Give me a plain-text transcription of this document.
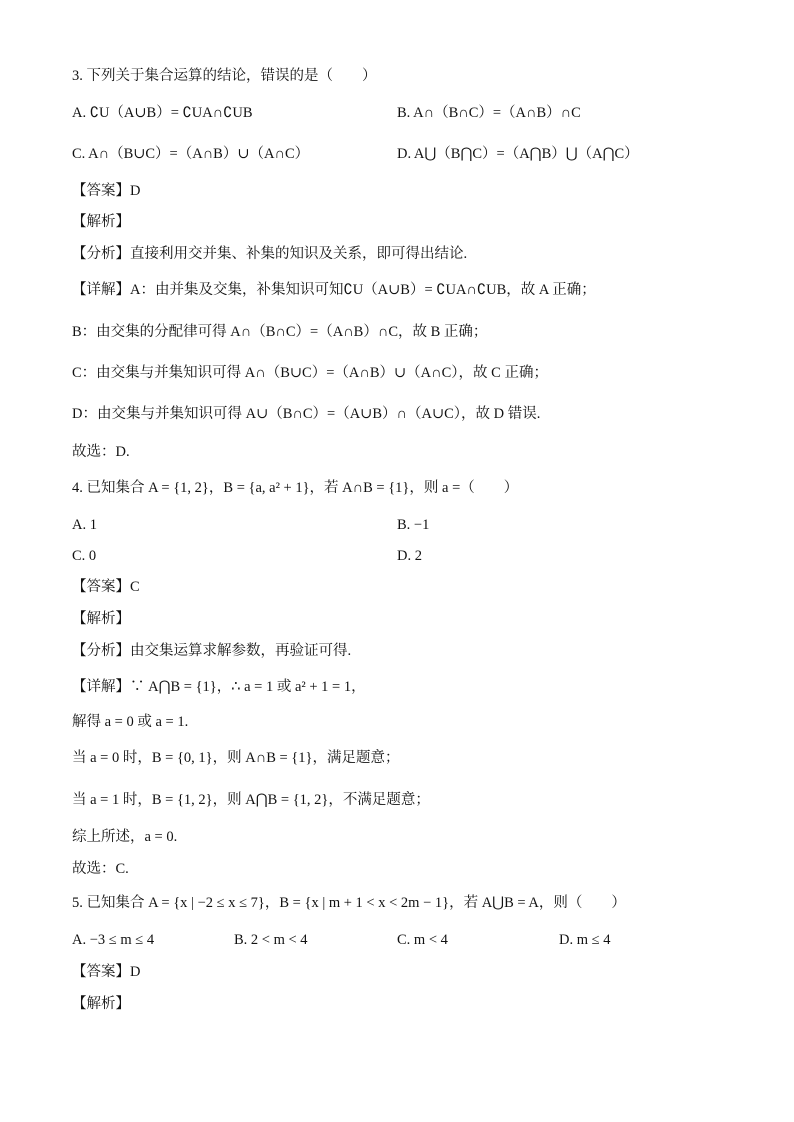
3. 下列关于集合运算的结论，错误的是（　　）
A. ∁U（A∪B）= ∁UA∩∁UB	B. A∩（B∩C）=（A∩B）∩C
C. A∩（B∪C）=（A∩B）∪（A∩C）	D. A⋃（B⋂C）=（A⋂B）⋃（A⋂C）
【答案】D
【解析】
【分析】直接利用交并集、补集的知识及关系，即可得出结论.
【详解】A：由并集及交集，补集知识可知∁U（A∪B）= ∁UA∩∁UB，故 A 正确；
B：由交集的分配律可得 A∩（B∩C）=（A∩B）∩C，故 B 正确；
C：由交集与并集知识可得 A∩（B∪C）=（A∩B）∪（A∩C），故 C 正确；
D：由交集与并集知识可得 A∪（B∩C）=（A∪B）∩（A∪C），故 D 错误.
故选：D.
4. 已知集合 A = {1, 2}，B = {a, a² + 1}，若 A∩B = {1}，则 a =（　　）
A. 1	B. −1
C. 0	D. 2
【答案】C
【解析】
【分析】由交集运算求解参数，再验证可得.
【详解】∵ A⋂B = {1}，∴ a = 1 或 a² + 1 = 1，
解得 a = 0 或 a = 1.
当 a = 0 时，B = {0, 1}，则 A∩B = {1}，满足题意；
当 a = 1 时，B = {1, 2}，则 A⋂B = {1, 2}，不满足题意；
综上所述，a = 0.
故选：C.
5. 已知集合 A = {x | −2 ≤ x ≤ 7}，B = {x | m + 1 < x < 2m − 1}，若 A⋃B = A，则（　　）
A. −3 ≤ m ≤ 4	B. 2 < m < 4	C. m < 4	D. m ≤ 4
【答案】D
【解析】
